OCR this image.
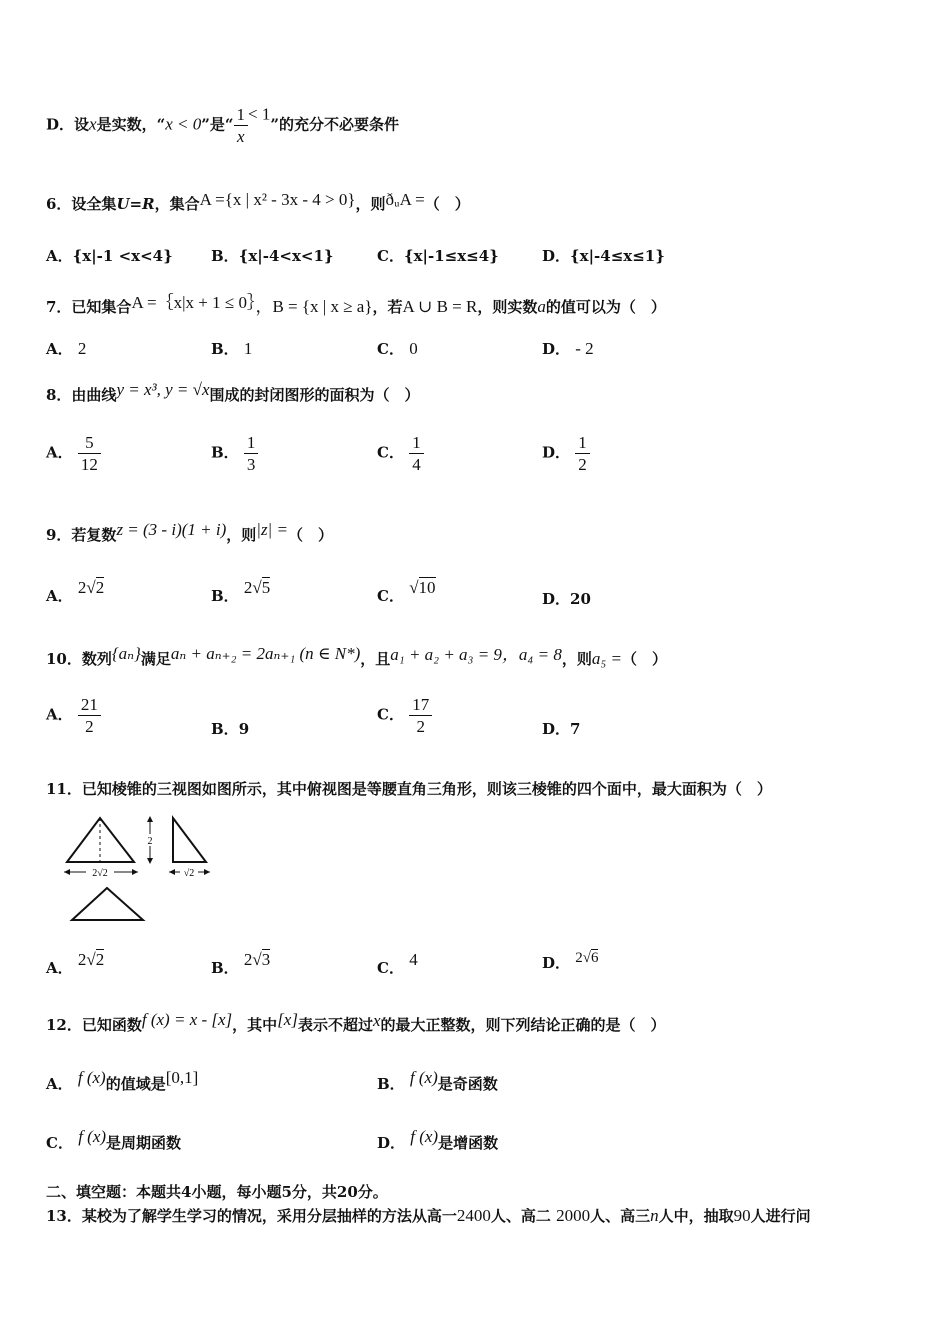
D．设x是实数，“x < 0”是“ $\frac{1}{x} < 1$”的充分不必要条件
6．设全集U=R，集合A ={x | x² - 3x - 4 > 0}，则ðᵤA =（　）
A．{x|-1 <x<4}	B．{x|-4<x<1}	C．{x|-1≤x≤4}	D．{x|-4≤x≤1}
7．已知集合A =｛x|x + 1 ≤ 0｝，B = {x | x ≥ a}，若A ∪ B = R，则实数a的值可以为（　）
A． 2	B． 1	C． 0	D． - 2
8．由曲线y = x³, y = √x围成的封闭图形的面积为（　）
A． $\frac{5}{12}$	B． $\frac{1}{3}$	C． $\frac{1}{4}$	D． $\frac{1}{2}$
9．若复数z = (3 - i)(1 + i)，则|z| =（　）
A． 2√2	B． 2√5	C． √10
D．20
10．数列{aₙ}满足aₙ + aₙ₊₂ = 2aₙ₊₁ (n ∈ N*)，且a₁ + a₂ + a₃ = 9，a₄ = 8，则a₅ =（　）
A． $\frac{21}{2}$	B．9
C． $\frac{17}{2}$	D．7
11．已知棱锥的三视图如图所示，其中俯视图是等腰直角三角形，则该三棱锥的四个面中，最大面积为（　）
2√2
2
√2
A． 2√2	B． 2√3	C． 4	D． 2√6
12．已知函数f (x) = x - [x]，其中[x]表示不超过x的最大正整数，则下列结论正确的是（　）
A． f (x)的值域是[0,1]	B． f (x)是奇函数
C． f (x)是周期函数	D． f (x)是增函数
二、填空题：本题共4小题，每小题5分，共20分。
13．某校为了解学生学习的情况，采用分层抽样的方法从高一2400人、高二 2000人、高三n人中，抽取90人进行问
